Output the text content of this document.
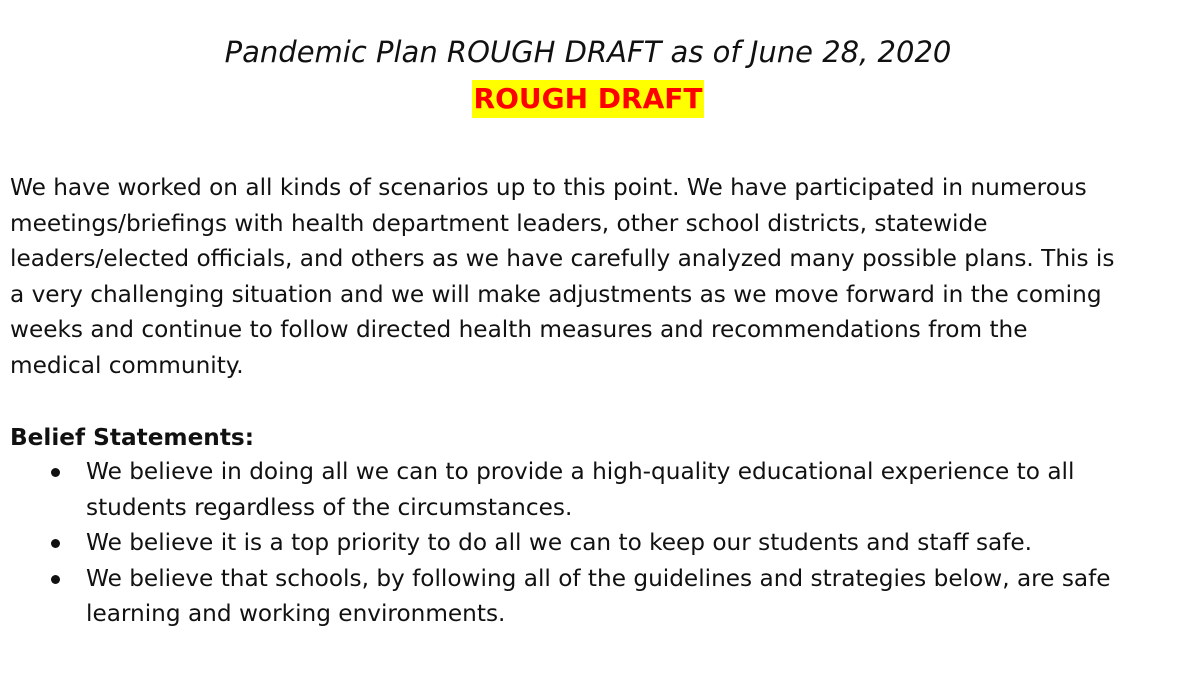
Pandemic Plan ROUGH DRAFT as of June 28, 2020
ROUGH DRAFT
We have worked on all kinds of scenarios up to this point. We have participated in numerous
meetings/briefings with health department leaders, other school districts, statewide
leaders/elected officials, and others as we have carefully analyzed many possible plans. This is
a very challenging situation and we will make adjustments as we move forward in the coming
weeks and continue to follow directed health measures and recommendations from the
medical community.
Belief Statements:
We believe in doing all we can to provide a high-quality educational experience to all
students regardless of the circumstances.
We believe it is a top priority to do all we can to keep our students and staff safe.
We believe that schools, by following all of the guidelines and strategies below, are safe
learning and working environments.
